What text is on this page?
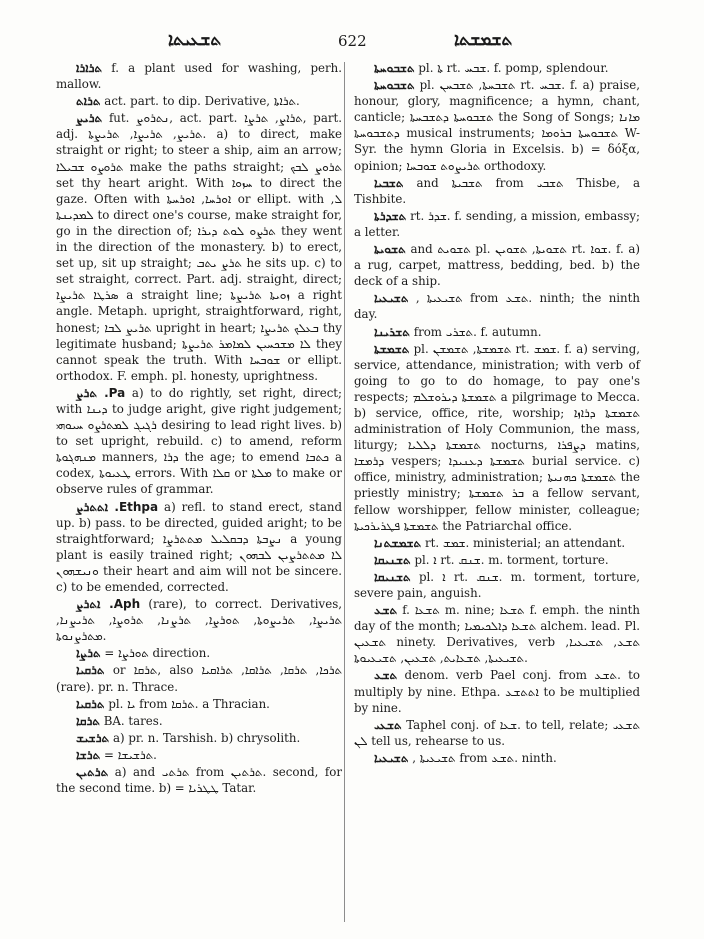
ܬܫܥܝܬܐ	622	ܬܫܡܫܬܐ

ܬܪܐܪܐ f. a plant used for washing, perh. mallow.

ܬܪܐܬ act. part. to dip. Derivative, ܬܪܐܬܐ.

ܬܪܝܨ fut. ܢܬܪܘܨ, act. part. ܬܪܐܨ, ܬܪܨܐ, part. adj. ܬܪܝܨ, ܬܪܝܨܐ, ܬܪܝܨܬܐ. a) to direct, make straight or right; to steer a ship, aim an arrow; ܬܪܘܨܘ ܫܒܝܠܐ make the paths straight; ܬܪܘܨ ܠܒܟ set thy heart aright. With ܚܙܘܐ to direct the gaze. Often with ܐܘܪܚܐ, ܐܘܪܚܬܐ or ellipt. with ܠ, ܠܡܕܝܢܬܐ to direct one's course, make straight for, go in the direction of; ܬܪܨܘ ܠܘܬ ܕܝܪܐ they went in the direction of the monastery. b) to erect, set up, sit up straight; ܬܪܨ ܝܬܒ he sits up. c) to set straight, correct. Part. adj. straight, direct; ܣܪܛܐ ܬܪܝܨܐ a straight line; ܙܘܝܬܐ ܬܪܝܨܬܐ a right angle. Metaph. upright, straightforward, right, honest; ܬܪܝܨ ܠܒܐ upright in heart; ܒܥܠܟ ܬܪܝܨܐ thy legitimate husband; ܠܐ ܡܫܟܚܝܢ ܠܡܐܡܪ ܬܪܝܨܬܐ they cannot speak the truth. With ܫܘܒܚܐ or ellipt. orthodox. F. emph. pl. honesty, uprightness.

Pa. ܬܪܨ a) to do rightly, set right, direct; with ܕܝܢܐ to judge aright, give right judgement; ܪܓܝܓ ܠܡܬܪܨܘ ܚܝܘܗܝ desiring to lead right lives. b) to set upright, rebuild. c) to amend, reform ܡܢܗܓܘܬܐ manners, ܕܪܐ the age; to emend ܟܬܒܐ a codex, ܛܥܝܘܬܐ errors. With ܩܠܐ or ܡܠܬܐ to make or observe rules of grammar.

Ethpa. ܐܬܬܪܨ a) refl. to stand erect, stand up. b) pass. to be directed, guided aright; to be straightforward; ܢܨܒܬܐ ܕܒܩܠܝܠ ܡܬܬܪܨܐ a young plant is easily trained right; ܠܐ ܡܬܬܪܨܝܢ ܠܒܗܘܢ ܘܢܝܫܗܘܢ their heart and aim will not be sincere. c) to be emended, corrected.

Aph. ܐܬܪܨ (rare), to correct. Derivatives, ܬܪܝܨܐ, ܬܪܝܨܘܬܐ, ܬܘܪܨܐ, ܬܪܨܢܐ, ܬܪܘܨܐ, ܬܪܝܨܢܐ, ܡܬܪܨܢܘܬܐ.

ܬܪܨܐ = ܬܘܪܨܐ direction.

ܬܪܩܝܐ or ܬܪܩܐ, also ܬܪܟܐ, ܬܪܩܐ, ܬܪܐܩܐ, ܬܪܐܩܝܐ (rare). pr. n. Thrace.

ܬܪܩܝܐ pl. ܝܐ from ܬܪܩܐ. a Thracian.

ܬܪܩܐ BA. tares.

ܬܪܫܝܫ a) pr. n. Tarshish. b) chrysolith.

ܬܪܫܐ = ܬܪܫܝܫܐ.

ܬܪܬܝܢ a) and ܬܪܬܝ from ܬܪܬܝܢ. second, for the second time. b) = ܛܛܪܝܐ Tatar.

ܬܫܒܘܚܬܐ pl. ܬܐ rt. ܫܒܚ. f. pomp, splendour.

ܬܫܒܘܚܬܐ pl. ܬܫܒܚܬܐ, ܬܫܒܚܢ rt. ܫܒܚ. f. a) praise, honour, glory, magnificence; a hymn, chant, canticle; ܬܫܒܘܚܬܐ ܕܬܫܒܚܬܐ the Song of Songs; ܡܐܢܐ ܕܬܫܒܘܚܬܐ musical instruments; ܬܫܒܘܚܬܐ ܒܪܘܡܐ W-Syr. the hymn Gloria in Excelsis. b) = δόξα, opinion; ܬܪܝܨܘܬ ܫܘܒܚܐ orthodoxy.

ܬܫܒܝܐ and ܬܫܒܝܬܐ from ܬܫܒܝ Thisbe, a Tishbite.

ܬܫܕܪܬܐ rt. ܫܕܪ. f. sending, a mission, embassy; a letter.

ܬܫܘܝܬܐ and ܬܫܘܝܬ pl. ܬܫܘܝܬܐ, ܬܫܘܝܢ rt. ܫܘܐ. f. a) a rug, carpet, mattress, bedding, bed. b) the deck of a ship.

ܬܫܝܥܝܐ , ܬܫܝܥܝܬܐ from ܬܫܥ. ninth; the ninth day.

ܬܫܪܝܢܐ from ܬܫܪܝ. f. autumn.

ܬܫܡܫܬܐ pl. ܬܫܡܫܬܐ, ܬܫܡܫܢ rt. ܫܡܫ. f. a) serving, service, attendance, ministration; with verb of going to go to do homage, to pay one's respects; ܬܫܡܫܬܐ ܕܝܪܘܫܠܡ a pilgrimage to Mecca. b) service, office, rite, worship; ܬܫܡܫܬܐ ܕܪܐܙܐ administration of Holy Communion, the mass, liturgy; ܬܫܡܫܬܐ ܕܠܠܝܐ nocturns, ܕܨܦܪܐ matins, ܕܪܡܫܐ vespers; ܬܫܡܫܬܐ ܕܥܢܝܕܐ burial service. c) office, ministry, administration; ܬܫܡܫܬܐ ܟܗܢܝܬܐ the priestly ministry; ܒܪ ܬܫܡܫܬܐ a fellow servant, fellow worshipper, fellow minister, colleague; ܬܫܡܫܬܐ ܦܛܪܝܪܟܝܬܐ the Patriarchal office.

ܬܫܡܫܬܢܐ rt. ܫܡܫ. ministerial; an attendant.

ܬܫܢܝܩܐ pl. ܐ rt. ܫܢܩ. m. torment, torture.

ܬܫܢܝܩܐ pl. ܐ rt. ܫܢܩ. m. torment, torture, severe pain, anguish.

ܬܫܥ f. ܬܫܥܐ m. nine; ܬܫܥܐ f. emph. the ninth day of the month; ܬܫܥܐ ܕܐܠܟܝܡܝܐ alchem. lead. Pl. ܬܫܥܝܢ ninety. Derivatives, verb ܬܫܥ, ܬܫܝܥܝܐ, ܬܫܝܥܝܬܐ, ܬܫܥܐܝܬ, ܬܫܥܝܢ, ܬܫܝܥܝܘܬܐ.

ܬܫܥ denom. verb Pael conj. from ܬܫܥ. to multiply by nine. Ethpa. ܐܬܬܫܥ to be multiplied by nine.

ܬܫܥܝ Taphel conj. of ܫܥܐ. to tell, relate; ܬܫܥܝ ܠܢ tell us, rehearse to us.

ܬܫܝܥܝܐ , ܬܫܝܥܝܬܐ from ܬܫܥ. ninth.
